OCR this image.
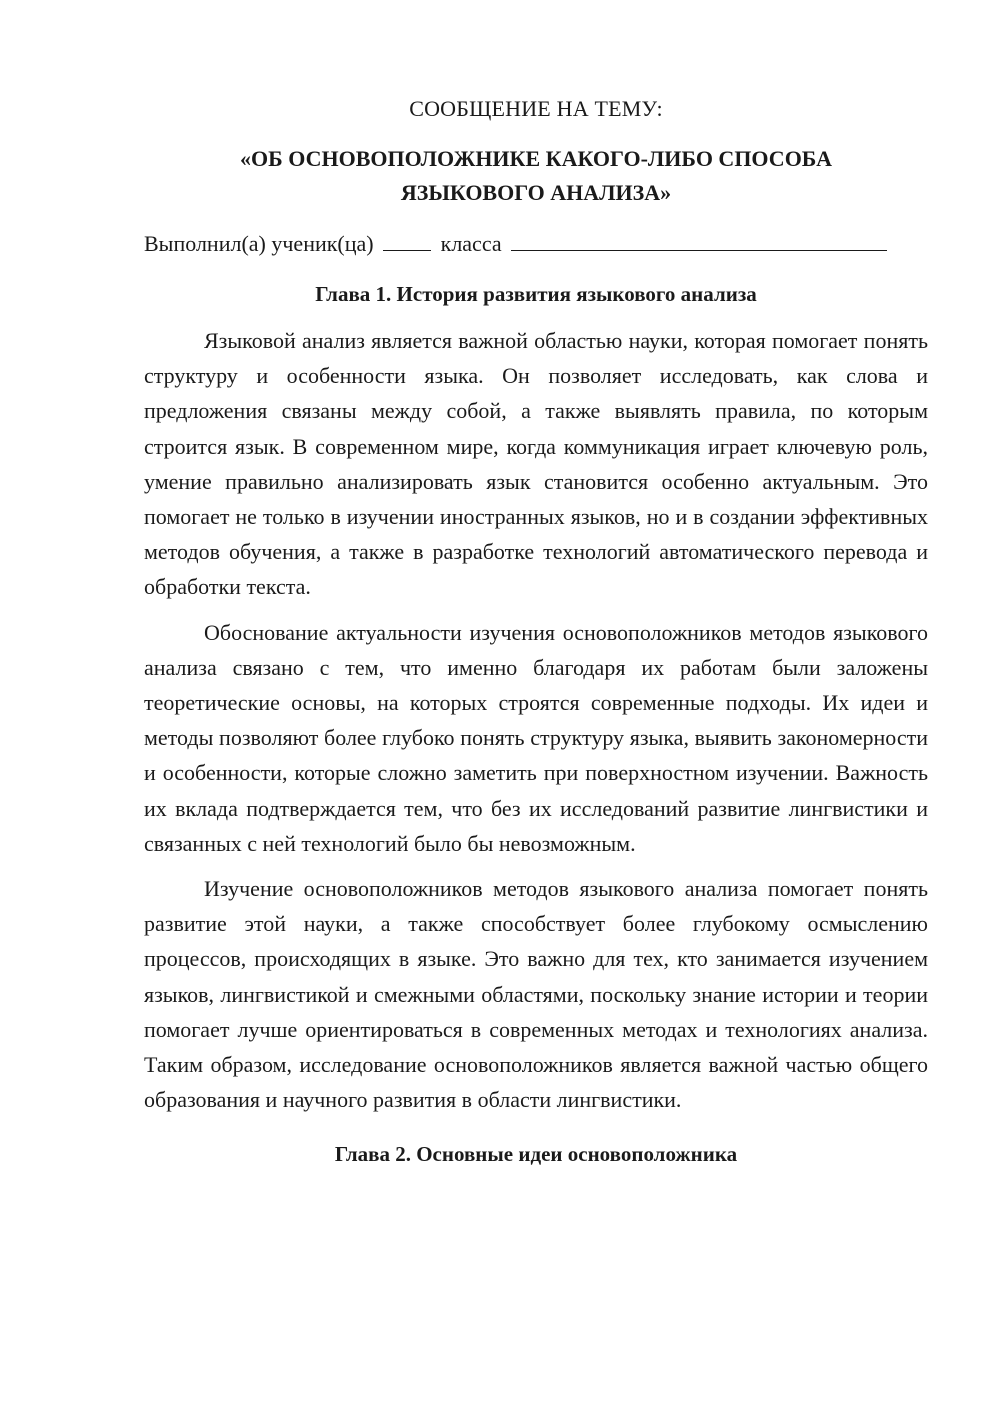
СООБЩЕНИЕ НА ТЕМУ:
«ОБ ОСНОВОПОЛОЖНИКЕ КАКОГО-ЛИБО СПОСОБА
ЯЗЫКОВОГО АНАЛИЗА»
Выполнил(а) ученик(ца)	класса
Глава 1. История развития языкового анализа

Языковой анализ является важной областью науки, которая помогает понять структуру и особенности языка. Он позволяет исследовать, как слова и предложения связаны между собой, а также выявлять правила, по которым строится язык. В современном мире, когда коммуникация играет ключевую роль, умение правильно анализировать язык становится особенно актуальным. Это помогает не только в изучении иностранных языков, но и в создании эффективных методов обучения, а также в разработке технологий автоматического перевода и обработки текста.

Обоснование актуальности изучения основоположников методов языкового анализа связано с тем, что именно благодаря их работам были заложены теоретические основы, на которых строятся современные подходы. Их идеи и методы позволяют более глубоко понять структуру языка, выявить закономерности и особенности, которые сложно заметить при поверхностном изучении. Важность их вклада подтверждается тем, что без их исследований развитие лингвистики и связанных с ней технологий было бы невозможным.

Изучение основоположников методов языкового анализа помогает понять развитие этой науки, а также способствует более глубокому осмыслению процессов, происходящих в языке. Это важно для тех, кто занимается изучением языков, лингвистикой и смежными областями, поскольку знание истории и теории помогает лучше ориентироваться в современных методах и технологиях анализа. Таким образом, исследование основоположников является важной частью общего образования и научного развития в области лингвистики.

Глава 2. Основные идеи основоположника
